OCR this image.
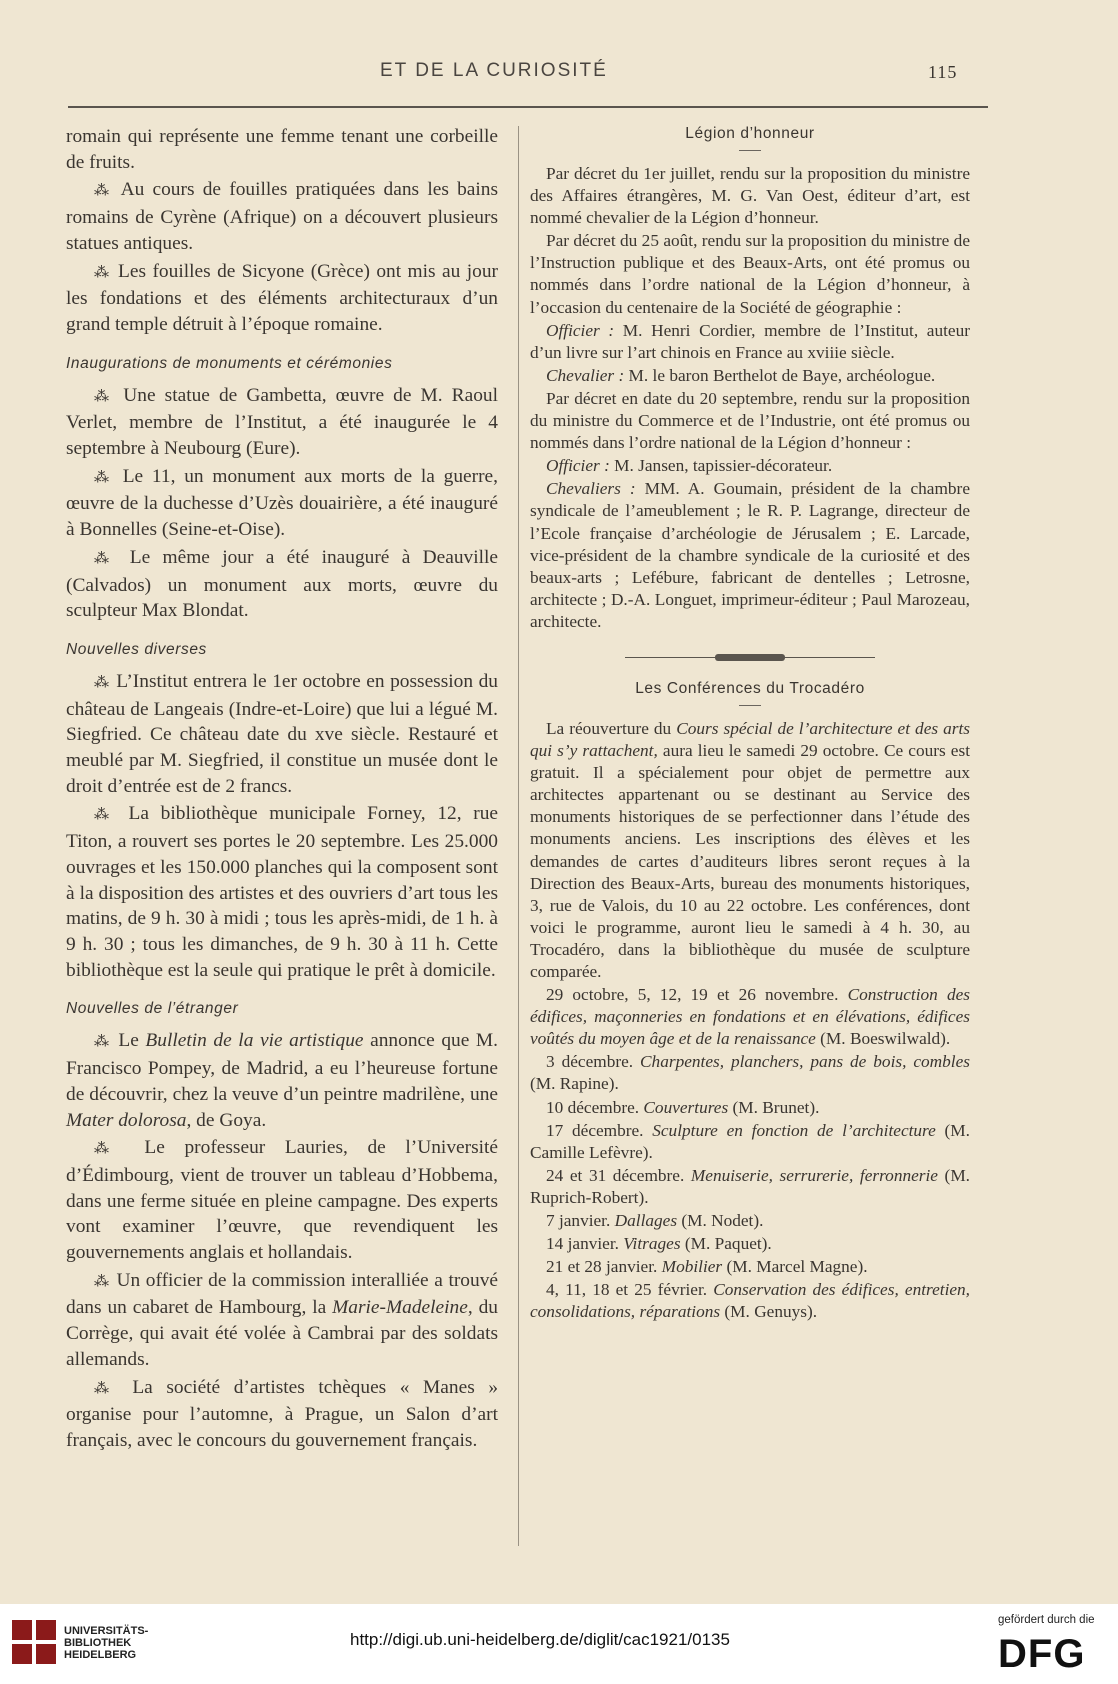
ET DE LA CURIOSITÉ	115

romain qui représente une femme tenant une corbeille de fruits.

⁂ Au cours de fouilles pratiquées dans les bains romains de Cyrène (Afrique) on a découvert plusieurs statues antiques.

⁂ Les fouilles de Sicyone (Grèce) ont mis au jour les fondations et des éléments architecturaux d’un grand temple détruit à l’époque romaine.

Inaugurations de monuments et cérémonies

⁂ Une statue de Gambetta, œuvre de M. Raoul Verlet, membre de l’Institut, a été inaugurée le 4 septembre à Neubourg (Eure).

⁂ Le 11, un monument aux morts de la guerre, œuvre de la duchesse d’Uzès douairière, a été inauguré à Bonnelles (Seine-et-Oise).

⁂ Le même jour a été inauguré à Deauville (Calvados) un monument aux morts, œuvre du sculpteur Max Blondat.

Nouvelles diverses

⁂ L’Institut entrera le 1er octobre en possession du château de Langeais (Indre-et-Loire) que lui a légué M. Siegfried. Ce château date du xve siècle. Restauré et meublé par M. Siegfried, il constitue un musée dont le droit d’entrée est de 2 francs.

⁂ La bibliothèque municipale Forney, 12, rue Titon, a rouvert ses portes le 20 septembre. Les 25.000 ouvrages et les 150.000 planches qui la composent sont à la disposition des artistes et des ouvriers d’art tous les matins, de 9 h. 30 à midi ; tous les après-midi, de 1 h. à 9 h. 30 ; tous les dimanches, de 9 h. 30 à 11 h. Cette bibliothèque est la seule qui pratique le prêt à domicile.

Nouvelles de l’étranger

⁂ Le Bulletin de la vie artistique annonce que M. Francisco Pompey, de Madrid, a eu l’heureuse fortune de découvrir, chez la veuve d’un peintre madrilène, une Mater dolorosa, de Goya.

⁂ Le professeur Lauries, de l’Université d’Édimbourg, vient de trouver un tableau d’Hobbema, dans une ferme située en pleine campagne. Des experts vont examiner l’œuvre, que revendiquent les gouvernements anglais et hollandais.

⁂ Un officier de la commission interalliée a trouvé dans un cabaret de Hambourg, la Marie-Madeleine, du Corrège, qui avait été volée à Cambrai par des soldats allemands.

⁂ La société d’artistes tchèques « Manes » organise pour l’automne, à Prague, un Salon d’art français, avec le concours du gouvernement français.

Légion d’honneur

Par décret du 1er juillet, rendu sur la proposition du ministre des Affaires étrangères, M. G. Van Oest, éditeur d’art, est nommé chevalier de la Légion d’honneur.

Par décret du 25 août, rendu sur la proposition du ministre de l’Instruction publique et des Beaux-Arts, ont été promus ou nommés dans l’ordre national de la Légion d’honneur, à l’occasion du centenaire de la Société de géographie :

Officier : M. Henri Cordier, membre de l’Institut, auteur d’un livre sur l’art chinois en France au xviiie siècle.

Chevalier : M. le baron Berthelot de Baye, archéologue.

Par décret en date du 20 septembre, rendu sur la proposition du ministre du Commerce et de l’Industrie, ont été promus ou nommés dans l’ordre national de la Légion d’honneur :

Officier : M. Jansen, tapissier-décorateur.

Chevaliers : MM. A. Goumain, président de la chambre syndicale de l’ameublement ; le R. P. Lagrange, directeur de l’Ecole française d’archéologie de Jérusalem ; E. Larcade, vice-président de la chambre syndicale de la curiosité et des beaux-arts ; Lefébure, fabricant de dentelles ; Letrosne, architecte ; D.-A. Longuet, imprimeur-éditeur ; Paul Marozeau, architecte.

Les Conférences du Trocadéro

La réouverture du Cours spécial de l’architecture et des arts qui s’y rattachent, aura lieu le samedi 29 octobre. Ce cours est gratuit. Il a spécialement pour objet de permettre aux architectes appartenant ou se destinant au Service des monuments historiques de se perfectionner dans l’étude des monuments anciens. Les inscriptions des élèves et les demandes de cartes d’auditeurs libres seront reçues à la Direction des Beaux-Arts, bureau des monuments historiques, 3, rue de Valois, du 10 au 22 octobre. Les conférences, dont voici le programme, auront lieu le samedi à 4 h. 30, au Trocadéro, dans la bibliothèque du musée de sculpture comparée.

29 octobre, 5, 12, 19 et 26 novembre. Construction des édifices, maçonneries en fondations et en élévations, édifices voûtés du moyen âge et de la renaissance (M. Boeswilwald).

3 décembre. Charpentes, planchers, pans de bois, combles (M. Rapine).

10 décembre. Couvertures (M. Brunet).

17 décembre. Sculpture en fonction de l’architecture (M. Camille Lefèvre).

24 et 31 décembre. Menuiserie, serrurerie, ferronnerie (M. Ruprich-Robert).

7 janvier. Dallages (M. Nodet).

14 janvier. Vitrages (M. Paquet).

21 et 28 janvier. Mobilier (M. Marcel Magne).

4, 11, 18 et 25 février. Conservation des édifices, entretien, consolidations, réparations (M. Genuys).

UNIVERSITÄTS-
BIBLIOTHEK
HEIDELBERG
http://digi.ub.uni-heidelberg.de/diglit/cac1921/0135
gefördert durch die
DFG
